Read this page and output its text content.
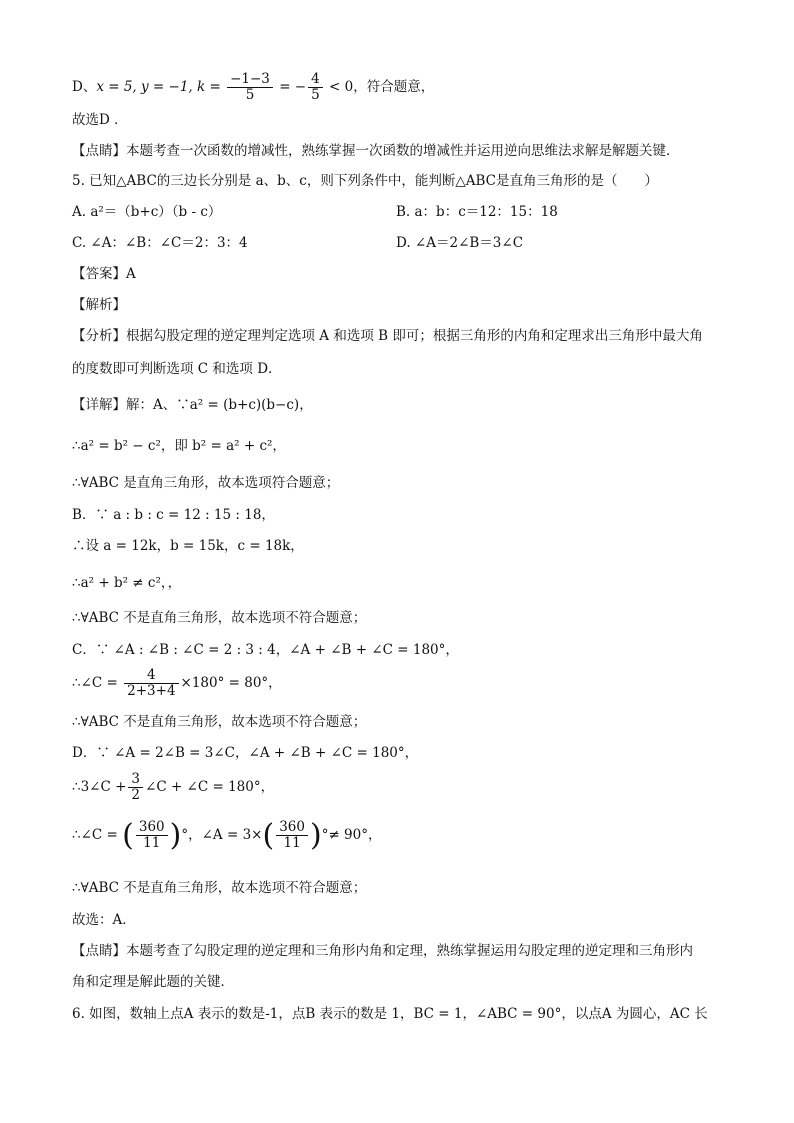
D、x = 5, y = −1, $k = \frac{-1-3}{5}$ = − $\frac{4}{5} < 0$，符合题意，
故选D ．
【点睛】本题考查一次函数的增减性，熟练掌握一次函数的增减性并运用逆向思维法求解是解题关键．
5. 已知△ABC的三边长分别是 a、b、c，则下列条件中，能判断△ABC是直角三角形的是（　　）
A. a²＝（b+c）（b - c）	B. a：b：c＝12：15：18
C. ∠A：∠B：∠C＝2：3：4	D. ∠A＝2∠B＝3∠C
【答案】A
【解析】
【分析】根据勾股定理的逆定理判定选项 A 和选项 B 即可；根据三角形的内角和定理求出三角形中最大角
的度数即可判断选项 C 和选项 D．
【详解】解：A、∵a² = (b+c)(b−c)，
∴a² = b² − c²，即 b² = a² + c²，
∴∀ABC 是直角三角形，故本选项符合题意；
B．∵ a : b : c = 12 : 15 : 18，
∴设 a = 12k，b = 15k，c = 18k，
∴a² + b² ≠ c²，，
∴∀ABC 不是直角三角形，故本选项不符合题意；
C．∵ ∠A : ∠B : ∠C = 2 : 3 : 4，∠A + ∠B + ∠C = 180°，
∴∠C = $\frac{4}{2+3+4} \times 180^\circ = 80^\circ$，
∴∀ABC 不是直角三角形，故本选项不符合题意；
D．∵ ∠A = 2∠B = 3∠C，∠A + ∠B + ∠C = 180°，
∴3∠C + $\frac{3}{2}$ ∠C + ∠C = 180°，
∴∠C = ( $\frac{360}{11}$ )°，∠A = $3\times( \frac{360}{11}$ )°≠ 90°，
∴∀ABC 不是直角三角形，故本选项不符合题意；
故选：A．
【点睛】本题考查了勾股定理的逆定理和三角形内角和定理，熟练掌握运用勾股定理的逆定理和三角形内
角和定理是解此题的关键．
6. 如图，数轴上点A 表示的数是-1，点B 表示的数是 1，BC = 1，∠ABC = 90°，以点A 为圆心，AC 长
